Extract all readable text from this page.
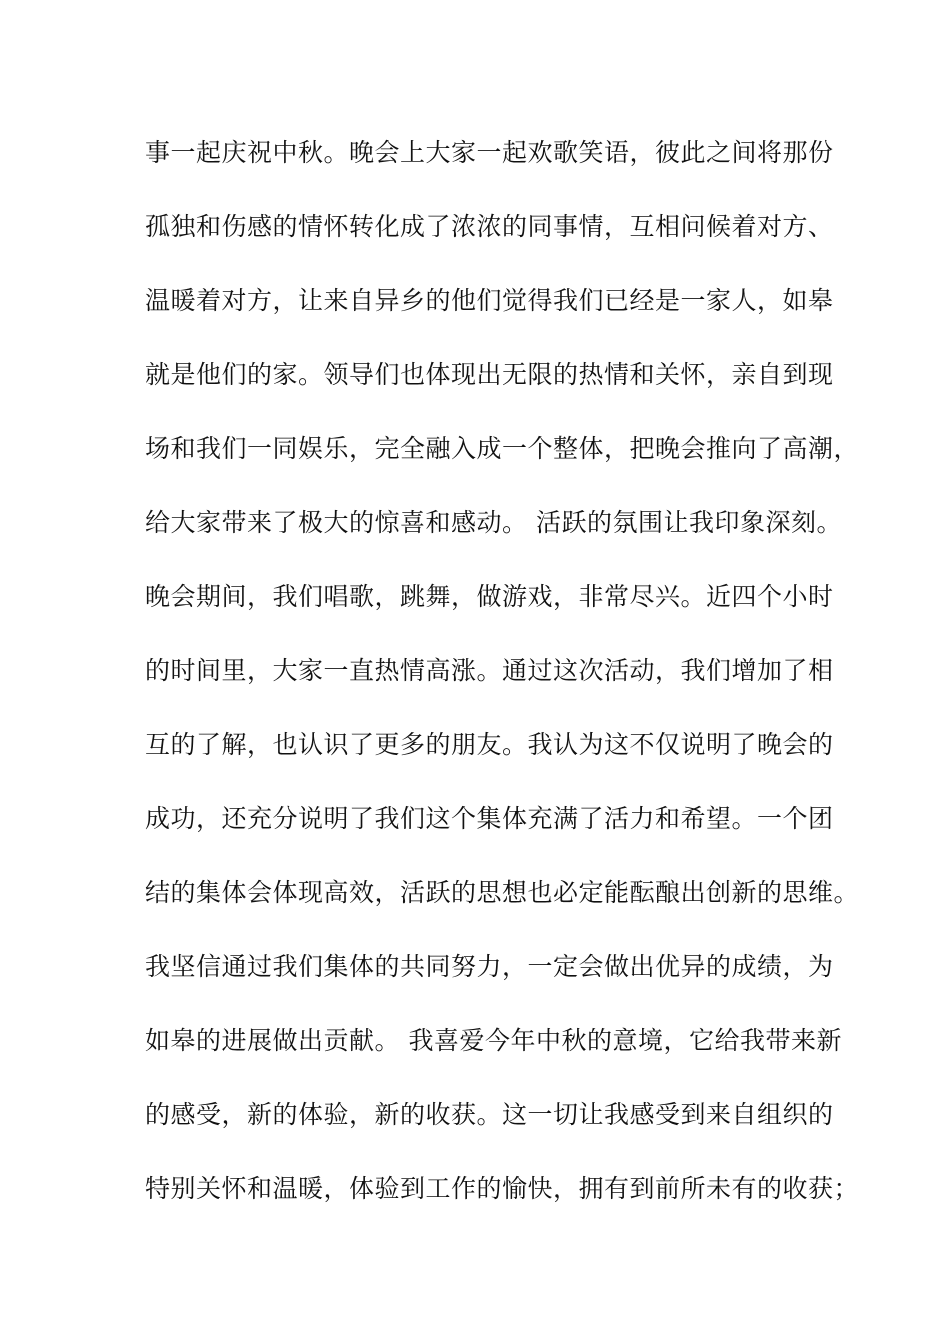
事一起庆祝中秋。晚会上大家一起欢歌笑语，彼此之间将那份
孤独和伤感的情怀转化成了浓浓的同事情，互相问候着对方、
温暖着对方，让来自异乡的他们觉得我们已经是一家人，如皋
就是他们的家。领导们也体现出无限的热情和关怀，亲自到现
场和我们一同娱乐，完全融入成一个整体，把晚会推向了高潮，
给大家带来了极大的惊喜和感动。 活跃的氛围让我印象深刻。
晚会期间，我们唱歌，跳舞，做游戏，非常尽兴。近四个小时
的时间里，大家一直热情高涨。通过这次活动，我们增加了相
互的了解，也认识了更多的朋友。我认为这不仅说明了晚会的
成功，还充分说明了我们这个集体充满了活力和希望。一个团
结的集体会体现高效，活跃的思想也必定能酝酿出创新的思维。
我坚信通过我们集体的共同努力，一定会做出优异的成绩，为
如皋的进展做出贡献。 我喜爱今年中秋的意境，它给我带来新
的感受，新的体验，新的收获。这一切让我感受到来自组织的
特别关怀和温暖，体验到工作的愉快，拥有到前所未有的收获；
